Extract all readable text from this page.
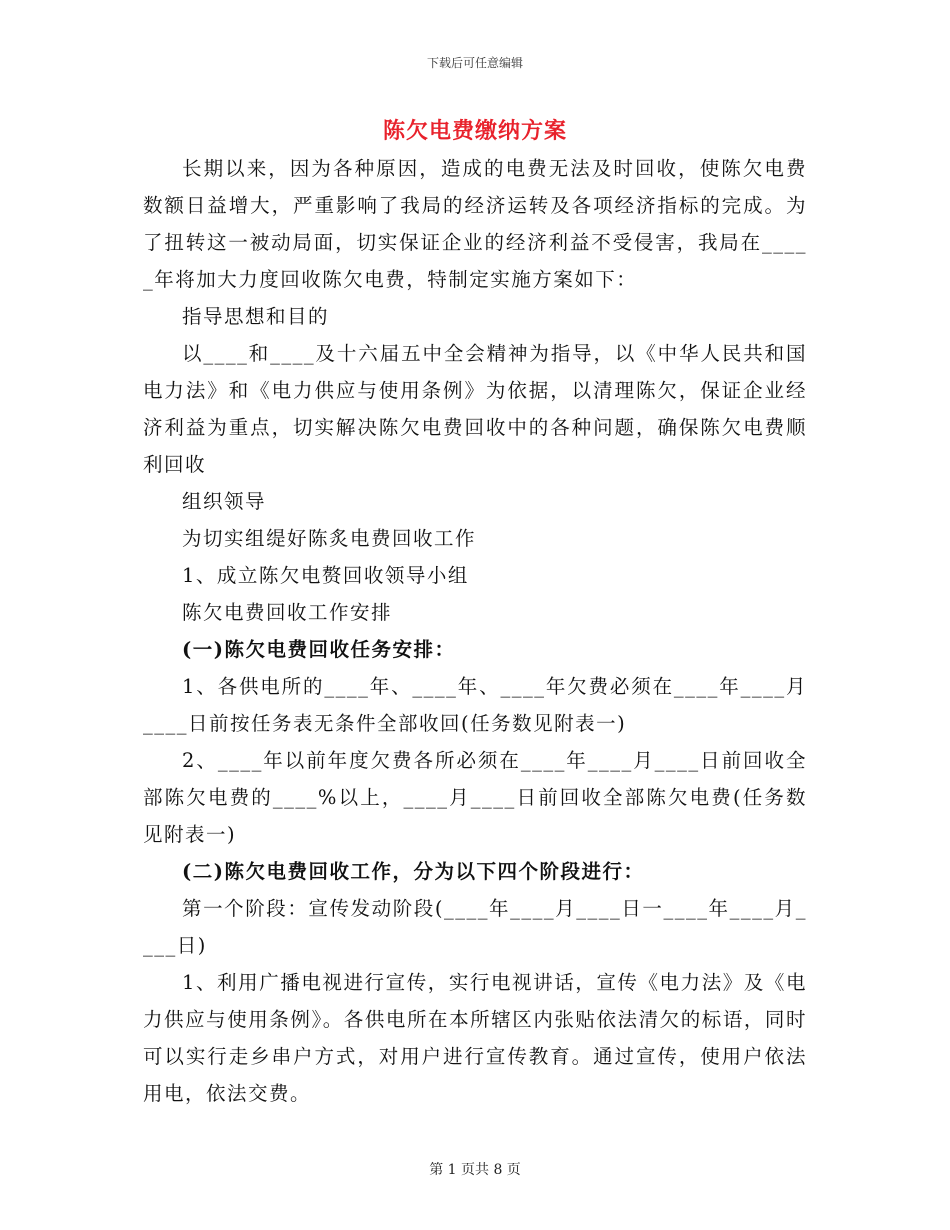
下载后可任意编辑
陈欠电费缴纳方案

长期以来，因为各种原因，造成的电费无法及时回收，使陈欠电费数额日益增大，严重影响了我局的经济运转及各项经济指标的完成。为了扭转这一被动局面，切实保证企业的经济利益不受侵害，我局在_____年将加大力度回收陈欠电费，特制定实施方案如下：

指导思想和目的

以____和____及十六届五中全会精神为指导，以《中华人民共和国电力法》和《电力供应与使用条例》为依据，以清理陈欠，保证企业经济利益为重点，切实解决陈欠电费回收中的各种问题，确保陈欠电费顺利回收

组织领导

为切实组缇好陈炙电费回收工作

1、成立陈欠电赘回收领导小组

陈欠电费回收工作安排

(一)陈欠电费回收任务安排：

1、各供电所的____年、____年、____年欠费必须在____年____月____日前按任务表无条件全部收回(任务数见附表一)

2、____年以前年度欠费各所必须在____年____月____日前回收全部陈欠电费的____%以上，____月____日前回收全部陈欠电费(任务数见附表一)

(二)陈欠电费回收工作，分为以下四个阶段进行：

第一个阶段：宣传发动阶段(____年____月____日一____年____月____日)

1、利用广播电视进行宣传，实行电视讲话，宣传《电力法》及《电力供应与使用条例》。各供电所在本所辖区内张贴依法清欠的标语，同时可以实行走乡串户方式，对用户进行宣传教育。通过宣传，使用户依法用电，依法交费。

第 1 页共 8 页
